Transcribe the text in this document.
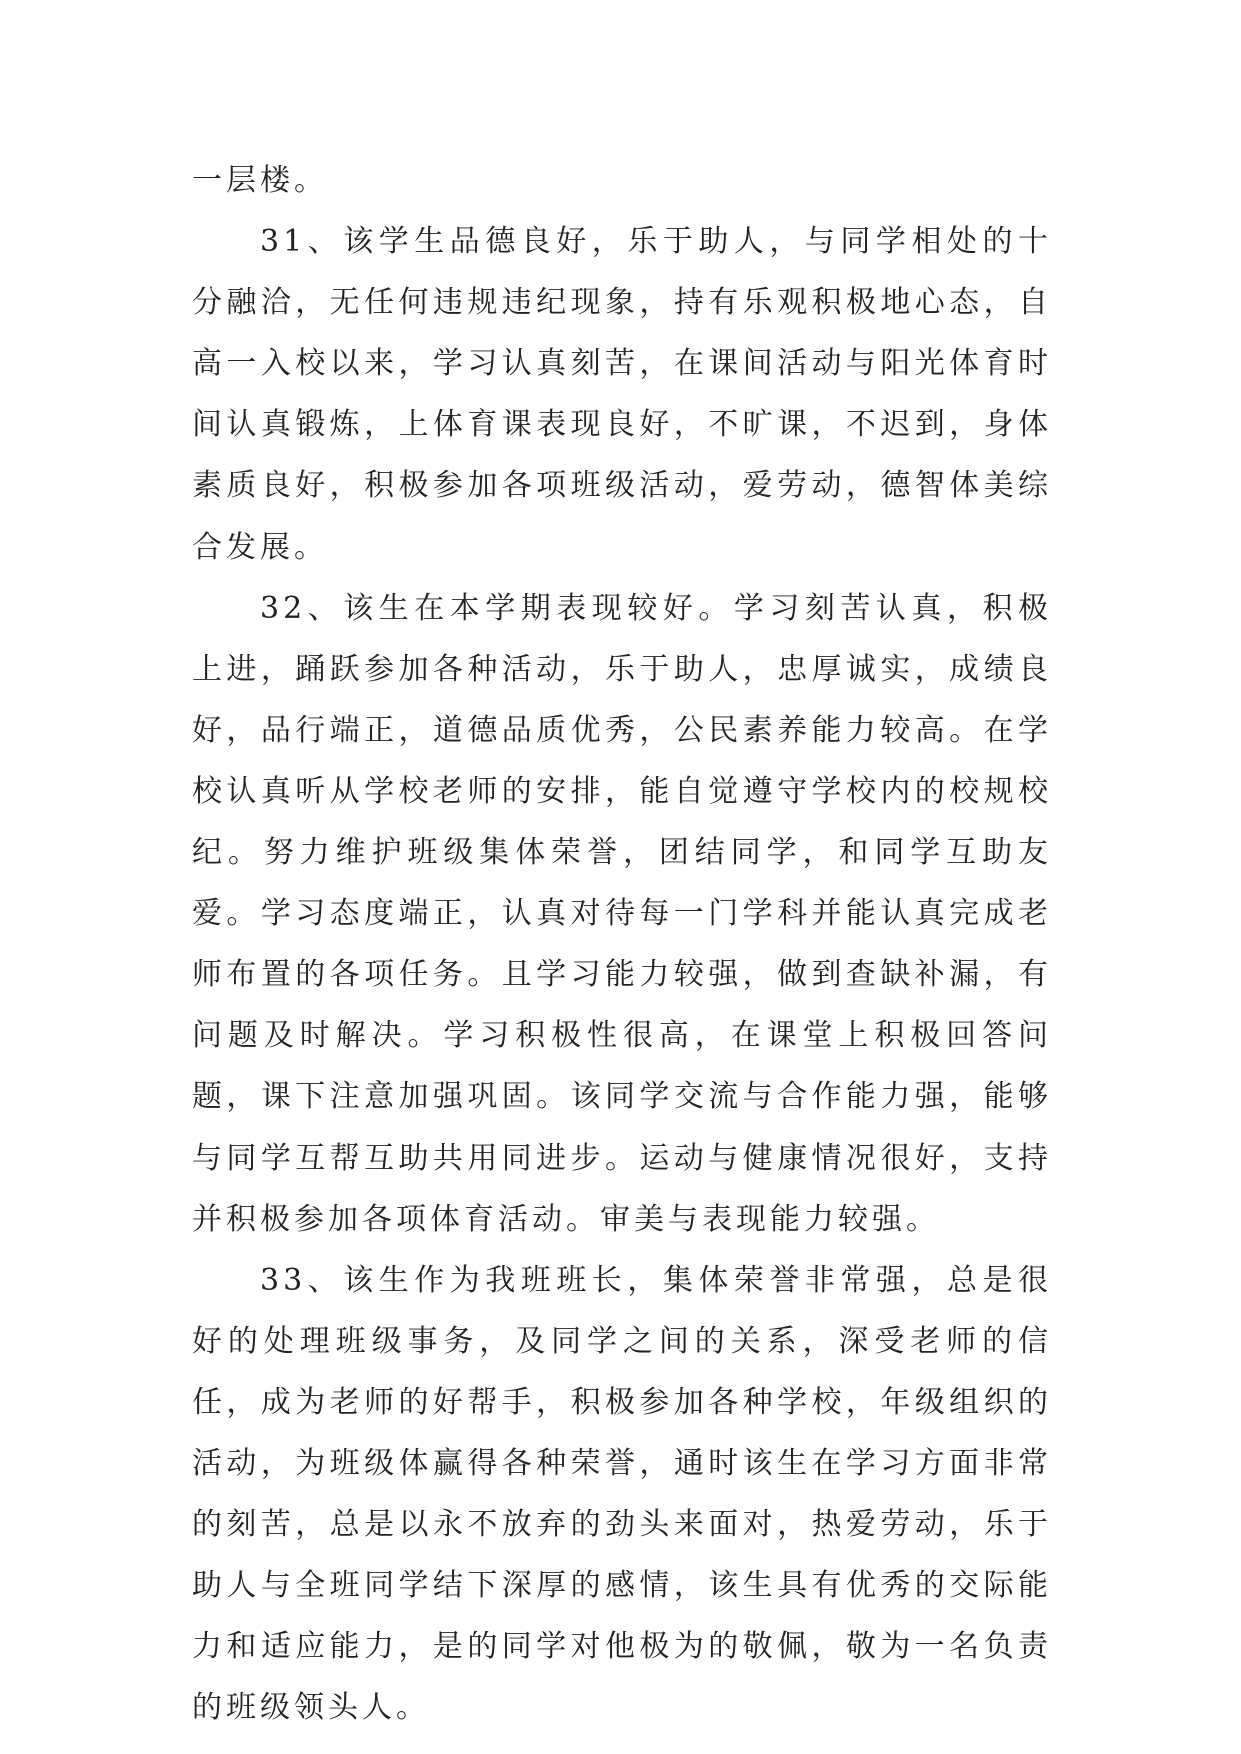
一层楼。

31、该学生品德良好，乐于助人，与同学相处的十分融洽，无任何违规违纪现象，持有乐观积极地心态，自高一入校以来，学习认真刻苦，在课间活动与阳光体育时间认真锻炼，上体育课表现良好，不旷课，不迟到，身体素质良好，积极参加各项班级活动，爱劳动，德智体美综合发展。

32、该生在本学期表现较好。学习刻苦认真，积极上进，踊跃参加各种活动，乐于助人，忠厚诚实，成绩良好，品行端正，道德品质优秀，公民素养能力较高。在学校认真听从学校老师的安排，能自觉遵守学校内的校规校纪。努力维护班级集体荣誉，团结同学，和同学互助友爱。学习态度端正，认真对待每一门学科并能认真完成老师布置的各项任务。且学习能力较强，做到查缺补漏，有问题及时解决。学习积极性很高，在课堂上积极回答问题，课下注意加强巩固。该同学交流与合作能力强，能够与同学互帮互助共用同进步。运动与健康情况很好，支持并积极参加各项体育活动。审美与表现能力较强。

33、该生作为我班班长，集体荣誉非常强，总是很好的处理班级事务，及同学之间的关系，深受老师的信任，成为老师的好帮手，积极参加各种学校，年级组织的活动，为班级体赢得各种荣誉，通时该生在学习方面非常的刻苦，总是以永不放弃的劲头来面对，热爱劳动，乐于助人与全班同学结下深厚的感情，该生具有优秀的交际能力和适应能力，是的同学对他极为的敬佩，敬为一名负责的班级领头人。
